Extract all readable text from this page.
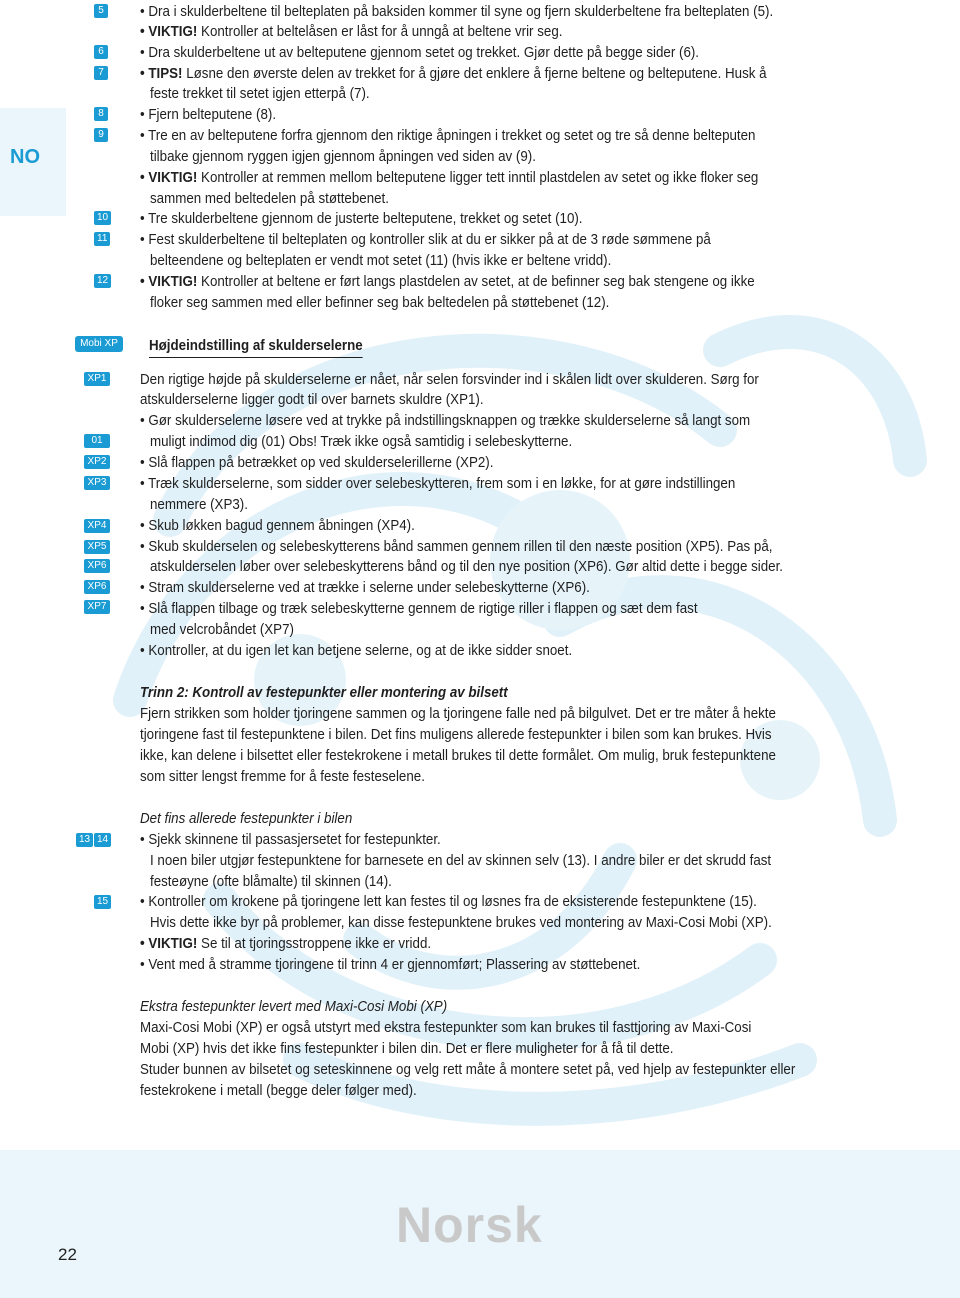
NO
22
Norsk
5
6
7
8
9
10
11
12
Mobi XP
XP1
01
XP2
XP3
XP4
XP5
XP6
XP6
XP7
13 14
15
• Dra i skulderbeltene til belteplaten på baksiden kommer til syne og fjern skulderbeltene fra belteplaten (5).
• VIKTIG! Kontroller at beltelåsen er låst for å unngå at beltene vrir seg.
• Dra skulderbeltene ut av belteputene gjennom setet og trekket. Gjør dette på begge sider (6).
• TIPS! Løsne den øverste delen av trekket for å gjøre det enklere å fjerne beltene og belteputene. Husk å
feste trekket til setet igjen etterpå (7).
• Fjern belteputene (8).
• Tre en av belteputene forfra gjennom den riktige åpningen i trekket og setet og tre så denne belteputen
tilbake gjennom ryggen igjen gjennom åpningen ved siden av (9).
• VIKTIG! Kontroller at remmen mellom belteputene ligger tett inntil plastdelen av setet og ikke floker seg
sammen med beltedelen på støttebenet.
• Tre skulderbeltene gjennom de justerte belteputene, trekket og setet (10).
• Fest skulderbeltene til belteplaten og kontroller slik at du er sikker på at de 3 røde sømmene på
belteendene og belteplaten er vendt mot setet (11) (hvis ikke er beltene vridd).
• VIKTIG! Kontroller at beltene er ført langs plastdelen av setet, at de befinner seg bak stengene og ikke
floker seg sammen med eller befinner seg bak beltedelen på støttebenet (12).
Højdeindstilling af skulderselerne
Den rigtige højde på skulderselerne er nået, når selen forsvinder ind i skålen lidt over skulderen. Sørg for
atskulderselerne ligger godt til over barnets skuldre (XP1).
• Gør skulderselerne løsere ved at trykke på indstillingsknappen og trække skulderselerne så langt som
muligt indimod dig (01) Obs! Træk ikke også samtidig i selebeskytterne.
• Slå flappen på betrækket op ved skulderselerillerne (XP2).
• Træk skulderselerne, som sidder over selebeskytteren, frem som i en løkke, for at gøre indstillingen
nemmere (XP3).
• Skub løkken bagud gennem åbningen (XP4).
• Skub skulderselen og selebeskytterens bånd sammen gennem rillen til den næste position (XP5). Pas på,
atskulderselen løber over selebeskytterens bånd og til den nye position (XP6). Gør altid dette i begge sider.
• Stram skulderselerne ved at trække i selerne under selebeskytterne (XP6).
• Slå flappen tilbage og træk selebeskytterne gennem de rigtige riller i flappen og sæt dem fast
med velcrobåndet (XP7)
• Kontroller, at du igen let kan betjene selerne, og at de ikke sidder snoet.
Trinn 2: Kontroll av festepunkter eller montering av bilsett
Fjern strikken som holder tjoringene sammen og la tjoringene falle ned på bilgulvet. Det er tre måter å hekte
tjoringene fast til festepunktene i bilen. Det fins muligens allerede festepunkter i bilen som kan brukes. Hvis
ikke, kan delene i bilsettet eller festekrokene i metall brukes til dette formålet. Om mulig, bruk festepunktene
som sitter lengst fremme for å feste festeselene.
Det fins allerede festepunkter i bilen
• Sjekk skinnene til passasjersetet for festepunkter.
I noen biler utgjør festepunktene for barnesete en del av skinnen selv (13). I andre biler er det skrudd fast
festeøyne (ofte blåmalte) til skinnen (14).
• Kontroller om krokene på tjoringene lett kan festes til og løsnes fra de eksisterende festepunktene (15).
Hvis dette ikke byr på problemer, kan disse festepunktene brukes ved montering av Maxi-Cosi Mobi (XP).
• VIKTIG! Se til at tjoringsstroppene ikke er vridd.
• Vent med å stramme tjoringene til trinn 4 er gjennomført; Plassering av støttebenet.
Ekstra festepunkter levert med Maxi-Cosi Mobi (XP)
Maxi-Cosi Mobi (XP) er også utstyrt med ekstra festepunkter som kan brukes til fasttjoring av Maxi-Cosi
Mobi (XP) hvis det ikke fins festepunkter i bilen din. Det er flere muligheter for å få til dette.
Studer bunnen av bilsetet og seteskinnene og velg rett måte å montere setet på, ved hjelp av festepunkter eller
festekrokene i metall (begge deler følger med).
